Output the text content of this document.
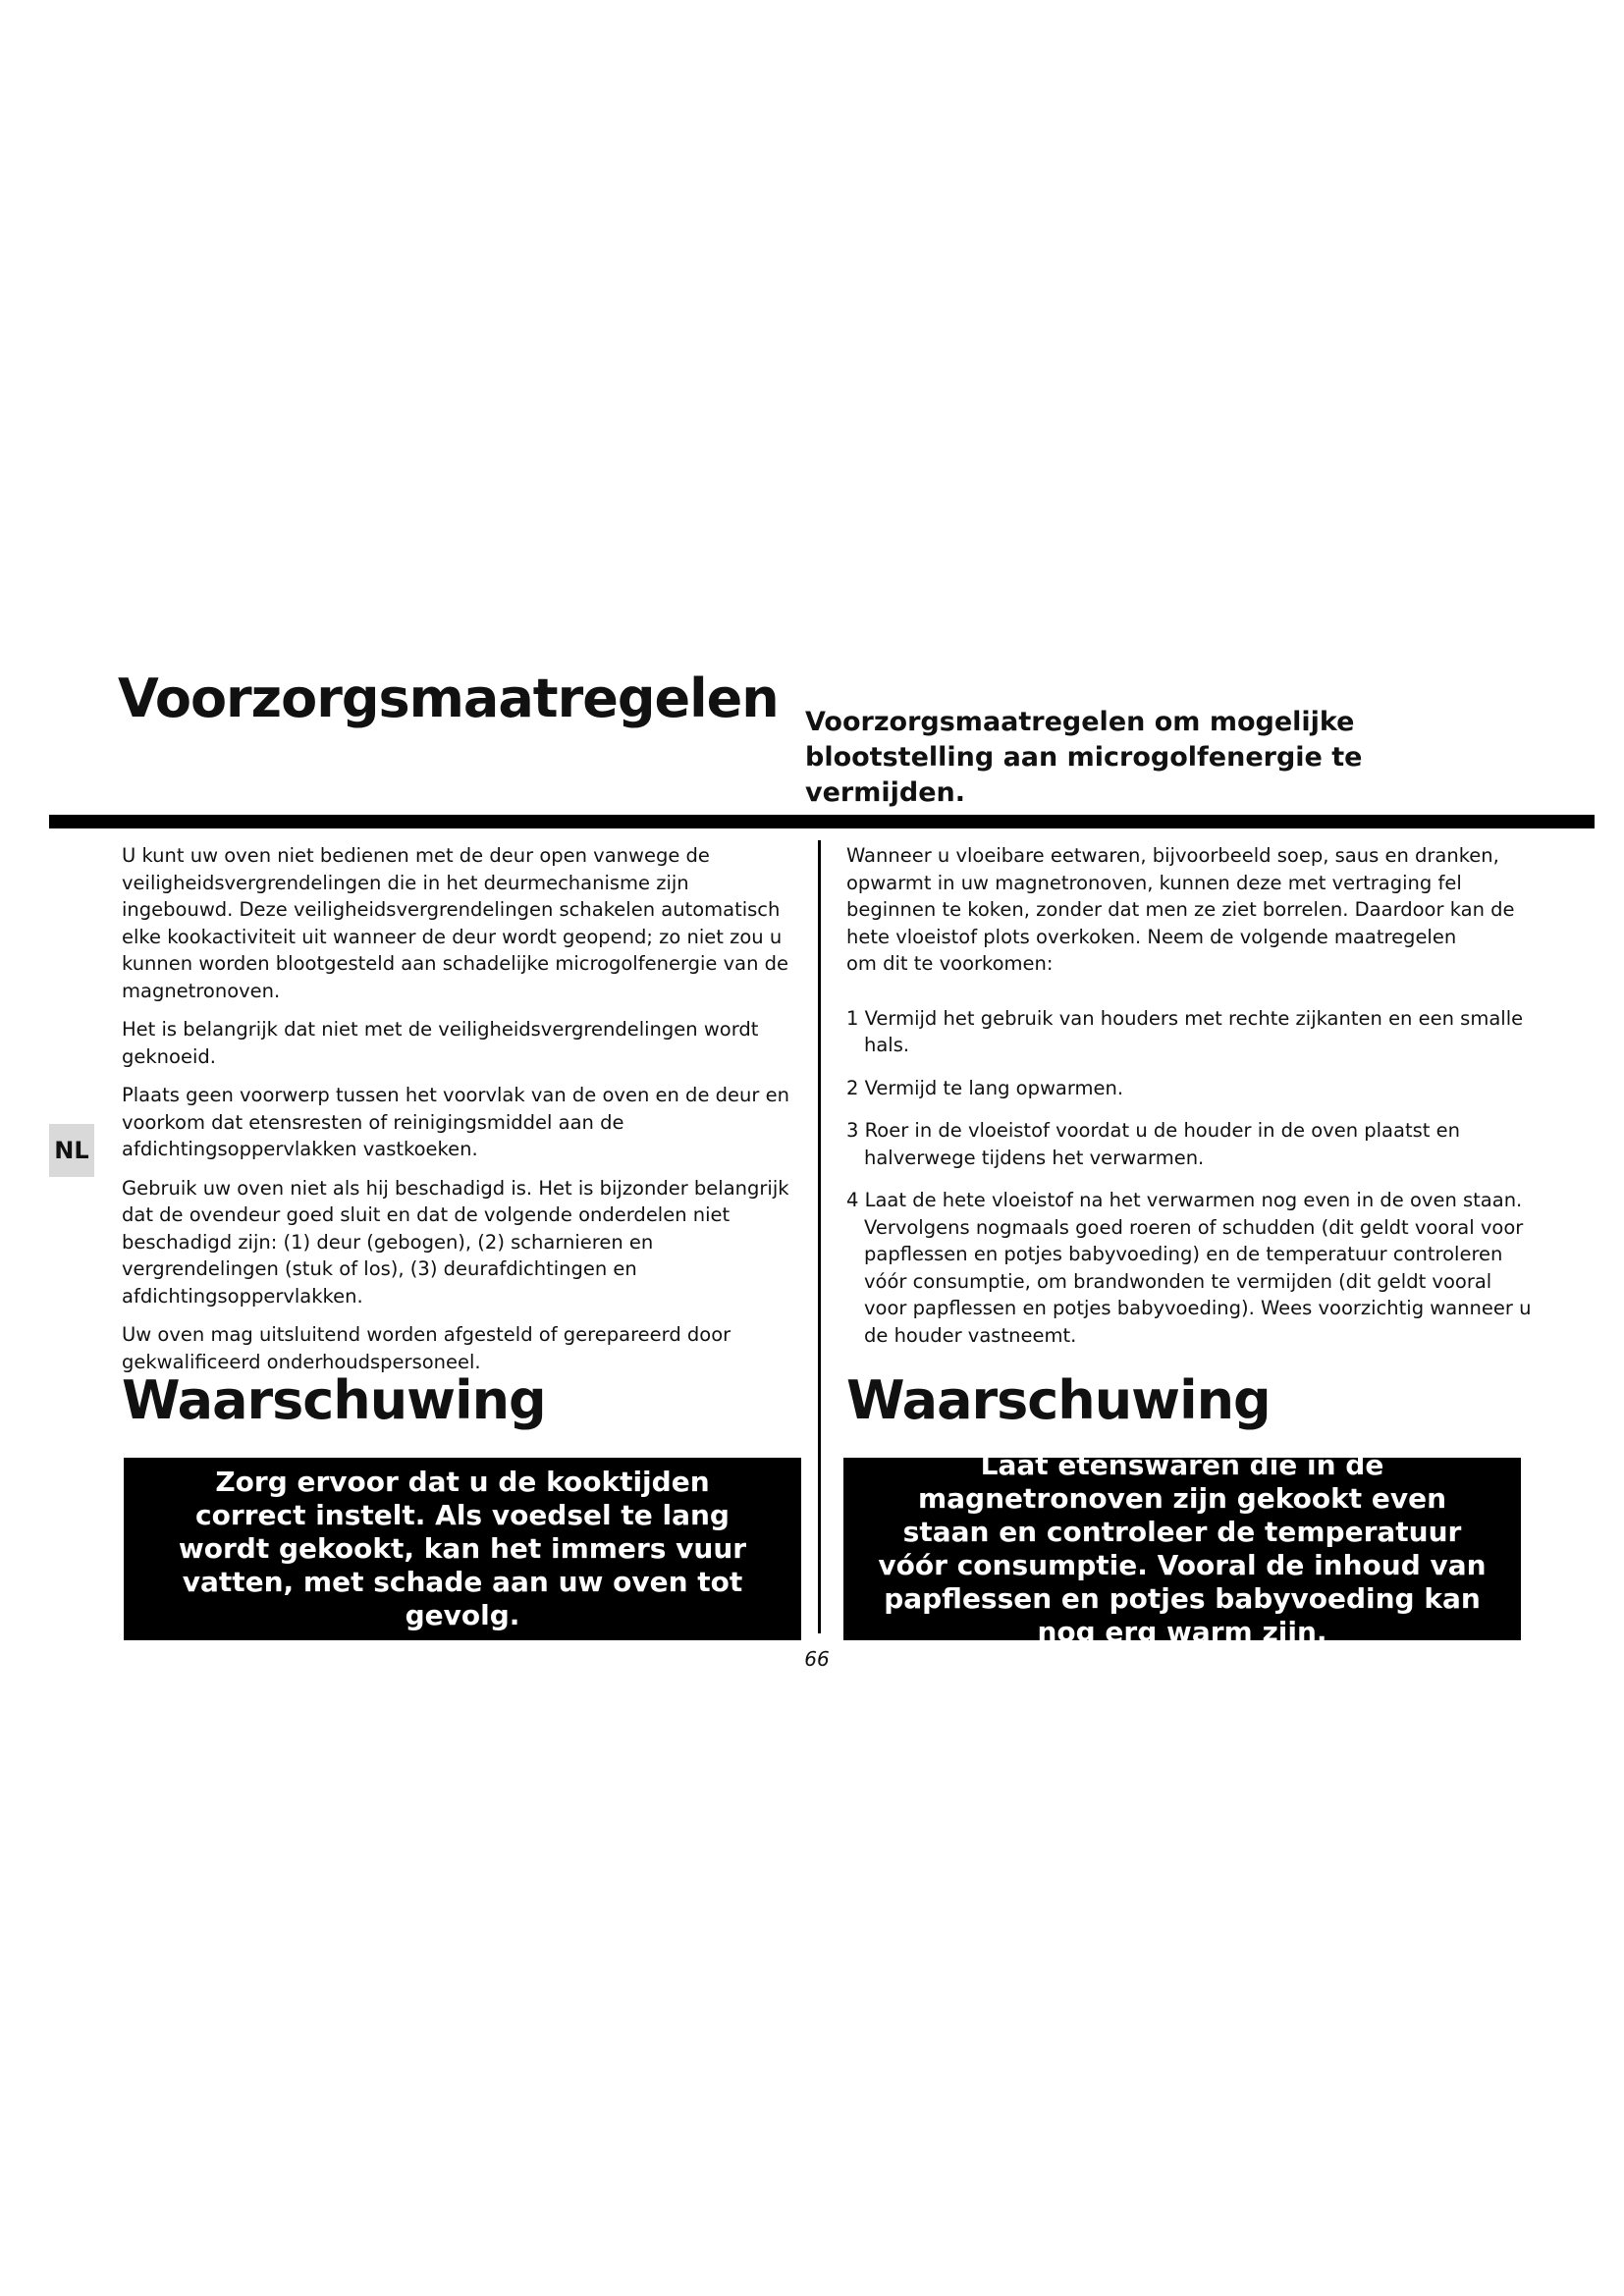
Voorzorgsmaatregelen Voorzorgsmaatregelen om mogelijke blootstelling aan microgolfenergie te vermijden.
NL

U kunt uw oven niet bedienen met de deur open vanwege de veiligheidsvergrendelingen die in het deurmechanisme zijn ingebouwd. Deze veiligheidsvergrendelingen schakelen automatisch elke kookactiviteit uit wanneer de deur wordt geopend; zo niet zou u kunnen worden blootgesteld aan schadelijke microgolfenergie van de magnetronoven.

Het is belangrijk dat niet met de veiligheidsvergrendelingen wordt geknoeid.

Plaats geen voorwerp tussen het voorvlak van de oven en de deur en voorkom dat etensresten of reinigingsmiddel aan de afdichtingsoppervlakken vastkoeken.

Gebruik uw oven niet als hij beschadigd is. Het is bijzonder belangrijk dat de ovendeur goed sluit en dat de volgende onderdelen niet beschadigd zijn: (1) deur (gebogen), (2) scharnieren en vergrendelingen (stuk of los), (3) deurafdichtingen en afdichtingsoppervlakken.

Uw oven mag uitsluitend worden afgesteld of gerepareerd door gekwalificeerd onderhoudspersoneel.

Wanneer u vloeibare eetwaren, bijvoorbeeld soep, saus en dranken, opwarmt in uw magnetronoven, kunnen deze met vertraging fel beginnen te koken, zonder dat men ze ziet borrelen. Daardoor kan de hete vloeistof plots overkoken. Neem de volgende maatregelen
om dit te voorkomen:

1 Vermijd het gebruik van houders met rechte zijkanten en een smalle hals.

2 Vermijd te lang opwarmen.

3 Roer in de vloeistof voordat u de houder in de oven plaatst en halverwege tijdens het verwarmen.

4 Laat de hete vloeistof na het verwarmen nog even in de oven staan. Vervolgens nogmaals goed roeren of schudden (dit geldt vooral voor papflessen en potjes babyvoeding) en de temperatuur controleren vóór consumptie, om brandwonden te vermijden (dit geldt vooral voor papflessen en potjes babyvoeding). Wees voorzichtig wanneer u de houder vastneemt.

Waarschuwing	Waarschuwing
Zorg ervoor dat u de kooktijden correct instelt. Als voedsel te lang wordt gekookt, kan het immers vuur vatten, met schade aan uw oven tot gevolg.
Laat etenswaren die in de magnetronoven zijn gekookt even staan en controleer de temperatuur vóór consumptie. Vooral de inhoud van papflessen en potjes babyvoeding kan nog erg warm zijn.
66
